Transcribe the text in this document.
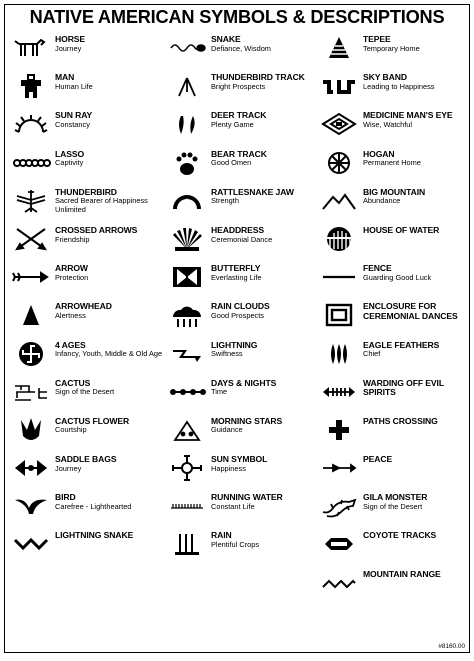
NATIVE AMERICAN SYMBOLS & DESCRIPTIONS
HORSE
Journey
MAN
Human Life
SUN RAY
Constancy
LASSO
Captivity
THUNDERBIRD
Sacred Bearer of Happiness Unlimited
CROSSED ARROWS
Friendship
ARROW
Protection
ARROWHEAD
Alertness
4 AGES
Infancy, Youth, Middle & Old Age
CACTUS
Sign of the Desert
CACTUS FLOWER
Courtship
SADDLE BAGS
Journey
BIRD
Carefree - Lighthearted
LIGHTNING SNAKE
SNAKE
Defiance, Wisdom
THUNDERBIRD TRACK
Bright Prospects
DEER TRACK
Plenty Game
BEAR TRACK
Good Omen
RATTLESNAKE JAW
Strength
HEADDRESS
Ceremonial Dance
BUTTERFLY
Everlasting Life
RAIN CLOUDS
Good Prospects
LIGHTNING
Swiftness
DAYS & NIGHTS
Time
MORNING STARS
Guidance
SUN SYMBOL
Happiness
RUNNING WATER
Constant Life
RAIN
Plentiful Crops
TEPEE
Temporary Home
SKY BAND
Leading to Happiness
MEDICINE MAN'S EYE
Wise, Watchful
HOGAN
Permanent Home
BIG MOUNTAIN
Abundance
HOUSE OF WATER
FENCE
Guarding Good Luck
ENCLOSURE FOR CEREMONIAL DANCES
EAGLE FEATHERS
Chief
WARDING OFF EVIL SPIRITS
PATHS CROSSING
PEACE
GILA MONSTER
Sign of the Desert
COYOTE TRACKS
MOUNTAIN RANGE
#8160.00
